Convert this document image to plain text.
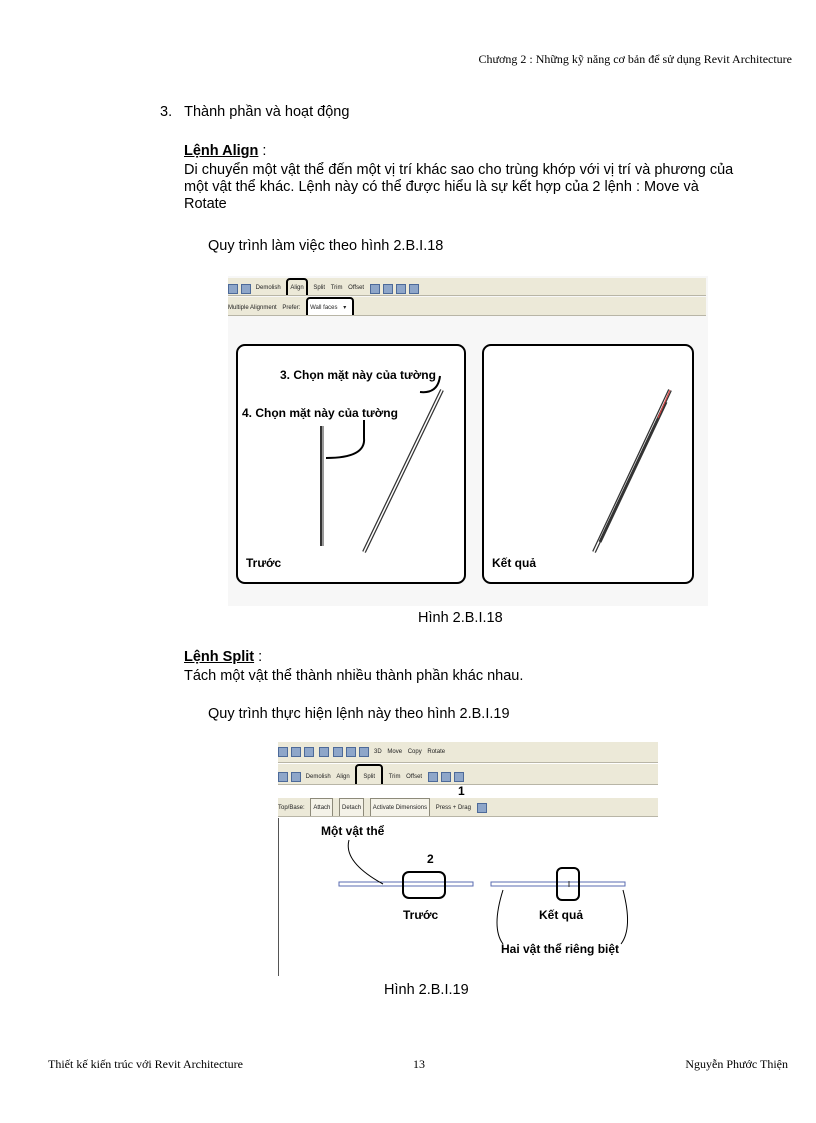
Chương 2 : Những kỹ năng cơ bản để sử dụng Revit Architecture
3. Thành phần và hoạt động
Lệnh Align :
Di chuyển một vật thể đến một vị trí khác sao cho trùng khớp với vị trí và phương của
một vật thể khác. Lệnh này có thể được hiểu là sự kết hợp của 2 lệnh : Move và
Rotate
Quy trình làm việc theo hình 2.B.I.18
Demolish Align Split Trim Offset
Multiple Alignment Prefer: Wall faces ▾
3. Chọn mặt này của tường
4. Chọn mặt này của tường
Trước	Kết quả
Hình 2.B.I.18
Lệnh Split :
Tách một vật thể thành nhiều thành phần khác nhau.
Quy trình thực hiện lệnh này theo hình 2.B.I.19
3D Move Copy Rotate
Demolish Align Split Trim Offset
1
Top/Base: Attach Detach Activate Dimensions Press + Drag
Một vật thể
2
Trước	Kết quả
Hai vật thể riêng biệt
Hình 2.B.I.19
Thiết kế kiến trúc với Revit Architecture	13	Nguyễn Phước Thiện
